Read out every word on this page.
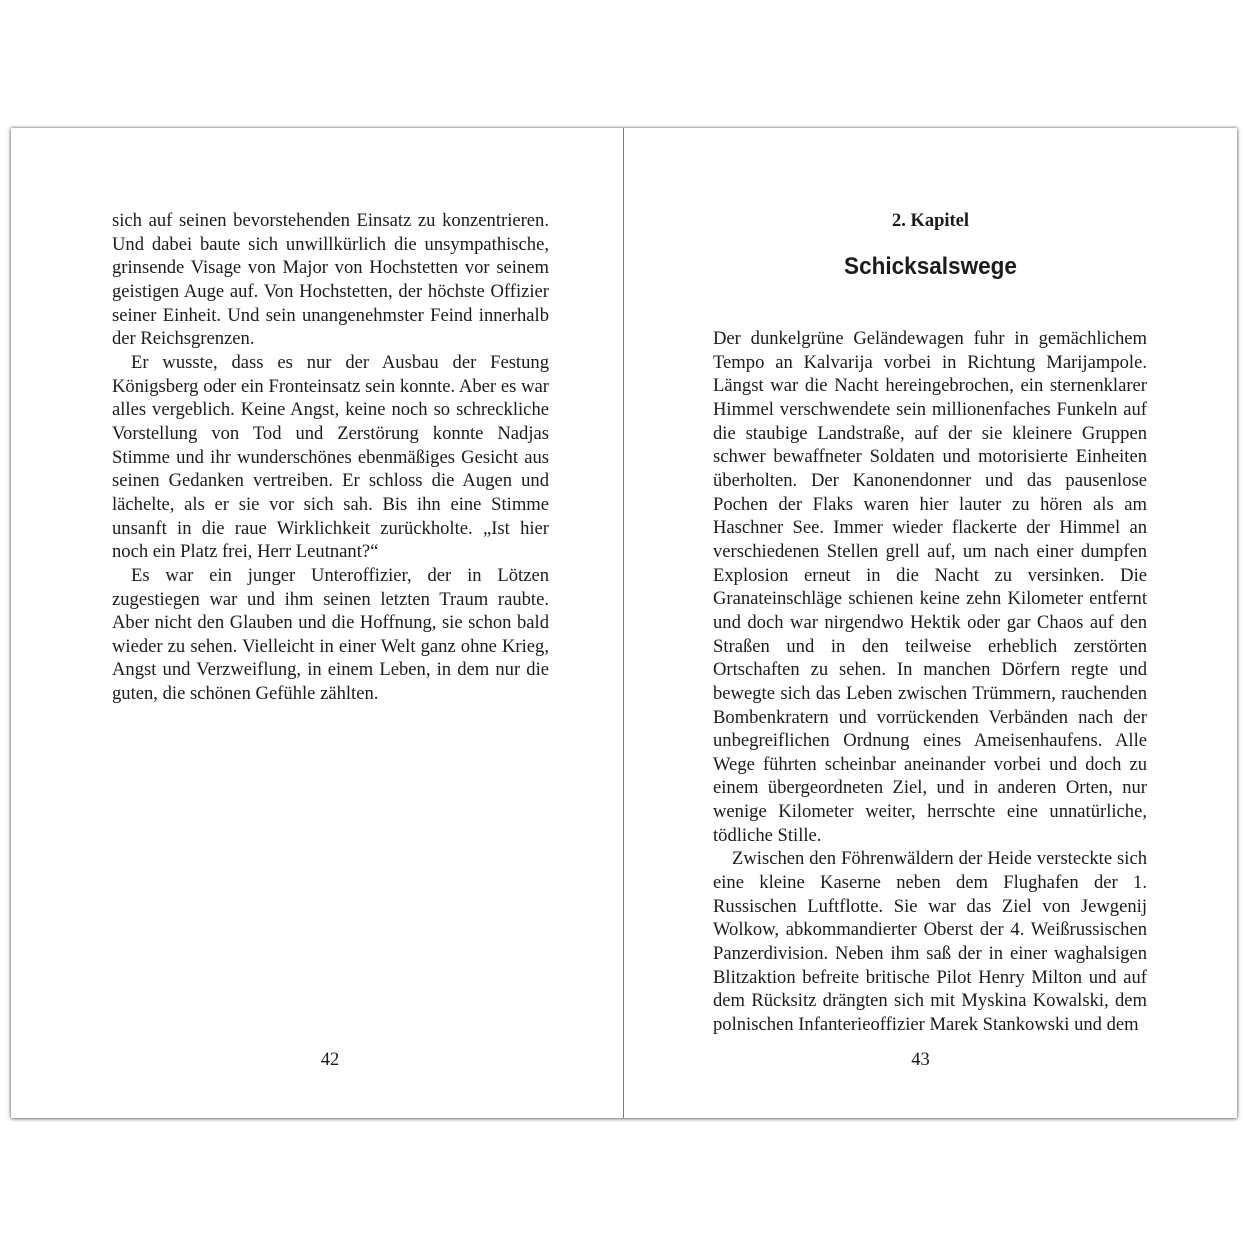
sich auf seinen bevorstehenden Einsatz zu konzentrieren. Und dabei baute sich unwillkürlich die unsympathische, grinsende Visage von Major von Hochstetten vor seinem geistigen Auge auf. Von Hochstetten, der höchste Offizier seiner Einheit. Und sein unangenehmster Feind innerhalb der Reichsgrenzen.

Er wusste, dass es nur der Ausbau der Festung Königsberg oder ein Fronteinsatz sein konnte. Aber es war alles vergeblich. Keine Angst, keine noch so schreckliche Vorstellung von Tod und Zerstörung konnte Nadjas Stimme und ihr wunderschönes ebenmäßiges Gesicht aus seinen Gedanken vertreiben. Er schloss die Augen und lächelte, als er sie vor sich sah. Bis ihn eine Stimme unsanft in die raue Wirklichkeit zurückholte. „Ist hier noch ein Platz frei, Herr Leutnant?“

Es war ein junger Unteroffizier, der in Lötzen zugestiegen war und ihm seinen letzten Traum raubte. Aber nicht den Glauben und die Hoffnung, sie schon bald wieder zu sehen. Vielleicht in einer Welt ganz ohne Krieg, Angst und Verzweiflung, in einem Leben, in dem nur die guten, die schönen Gefühle zählten.

42
2. Kapitel
Schicksalswege

Der dunkelgrüne Geländewagen fuhr in gemächlichem Tempo an Kalvarija vorbei in Richtung Marijampole. Längst war die Nacht hereingebrochen, ein sternenklarer Himmel verschwendete sein millionenfaches Funkeln auf die staubige Landstraße, auf der sie kleinere Gruppen schwer bewaffneter Soldaten und motorisierte Einheiten überholten. Der Kanonendonner und das pausenlose Pochen der Flaks waren hier lauter zu hören als am Haschner See. Immer wieder flackerte der Himmel an verschiedenen Stellen grell auf, um nach einer dumpfen Explosion erneut in die Nacht zu versinken. Die Granateinschläge schienen keine zehn Kilometer entfernt und doch war nirgendwo Hektik oder gar Chaos auf den Straßen und in den teilweise erheblich zerstörten Ortschaften zu sehen. In manchen Dörfern regte und bewegte sich das Leben zwischen Trümmern, rauchenden Bombenkratern und vorrückenden Verbänden nach der unbegreiflichen Ordnung eines Ameisenhaufens. Alle Wege führten scheinbar aneinander vorbei und doch zu einem übergeordneten Ziel, und in anderen Orten, nur wenige Kilometer weiter, herrschte eine unnatürliche, tödliche Stille.

Zwischen den Föhrenwäldern der Heide versteckte sich eine kleine Kaserne neben dem Flughafen der 1. Russischen Luftflotte. Sie war das Ziel von Jewgenij Wolkow, abkommandierter Oberst der 4. Weißrussischen Panzerdivision. Neben ihm saß der in einer waghalsigen Blitzaktion befreite britische Pilot Henry Milton und auf dem Rücksitz drängten sich mit Myskina Kowalski, dem polnischen Infanterieoffizier Marek Stankowski und dem

43
